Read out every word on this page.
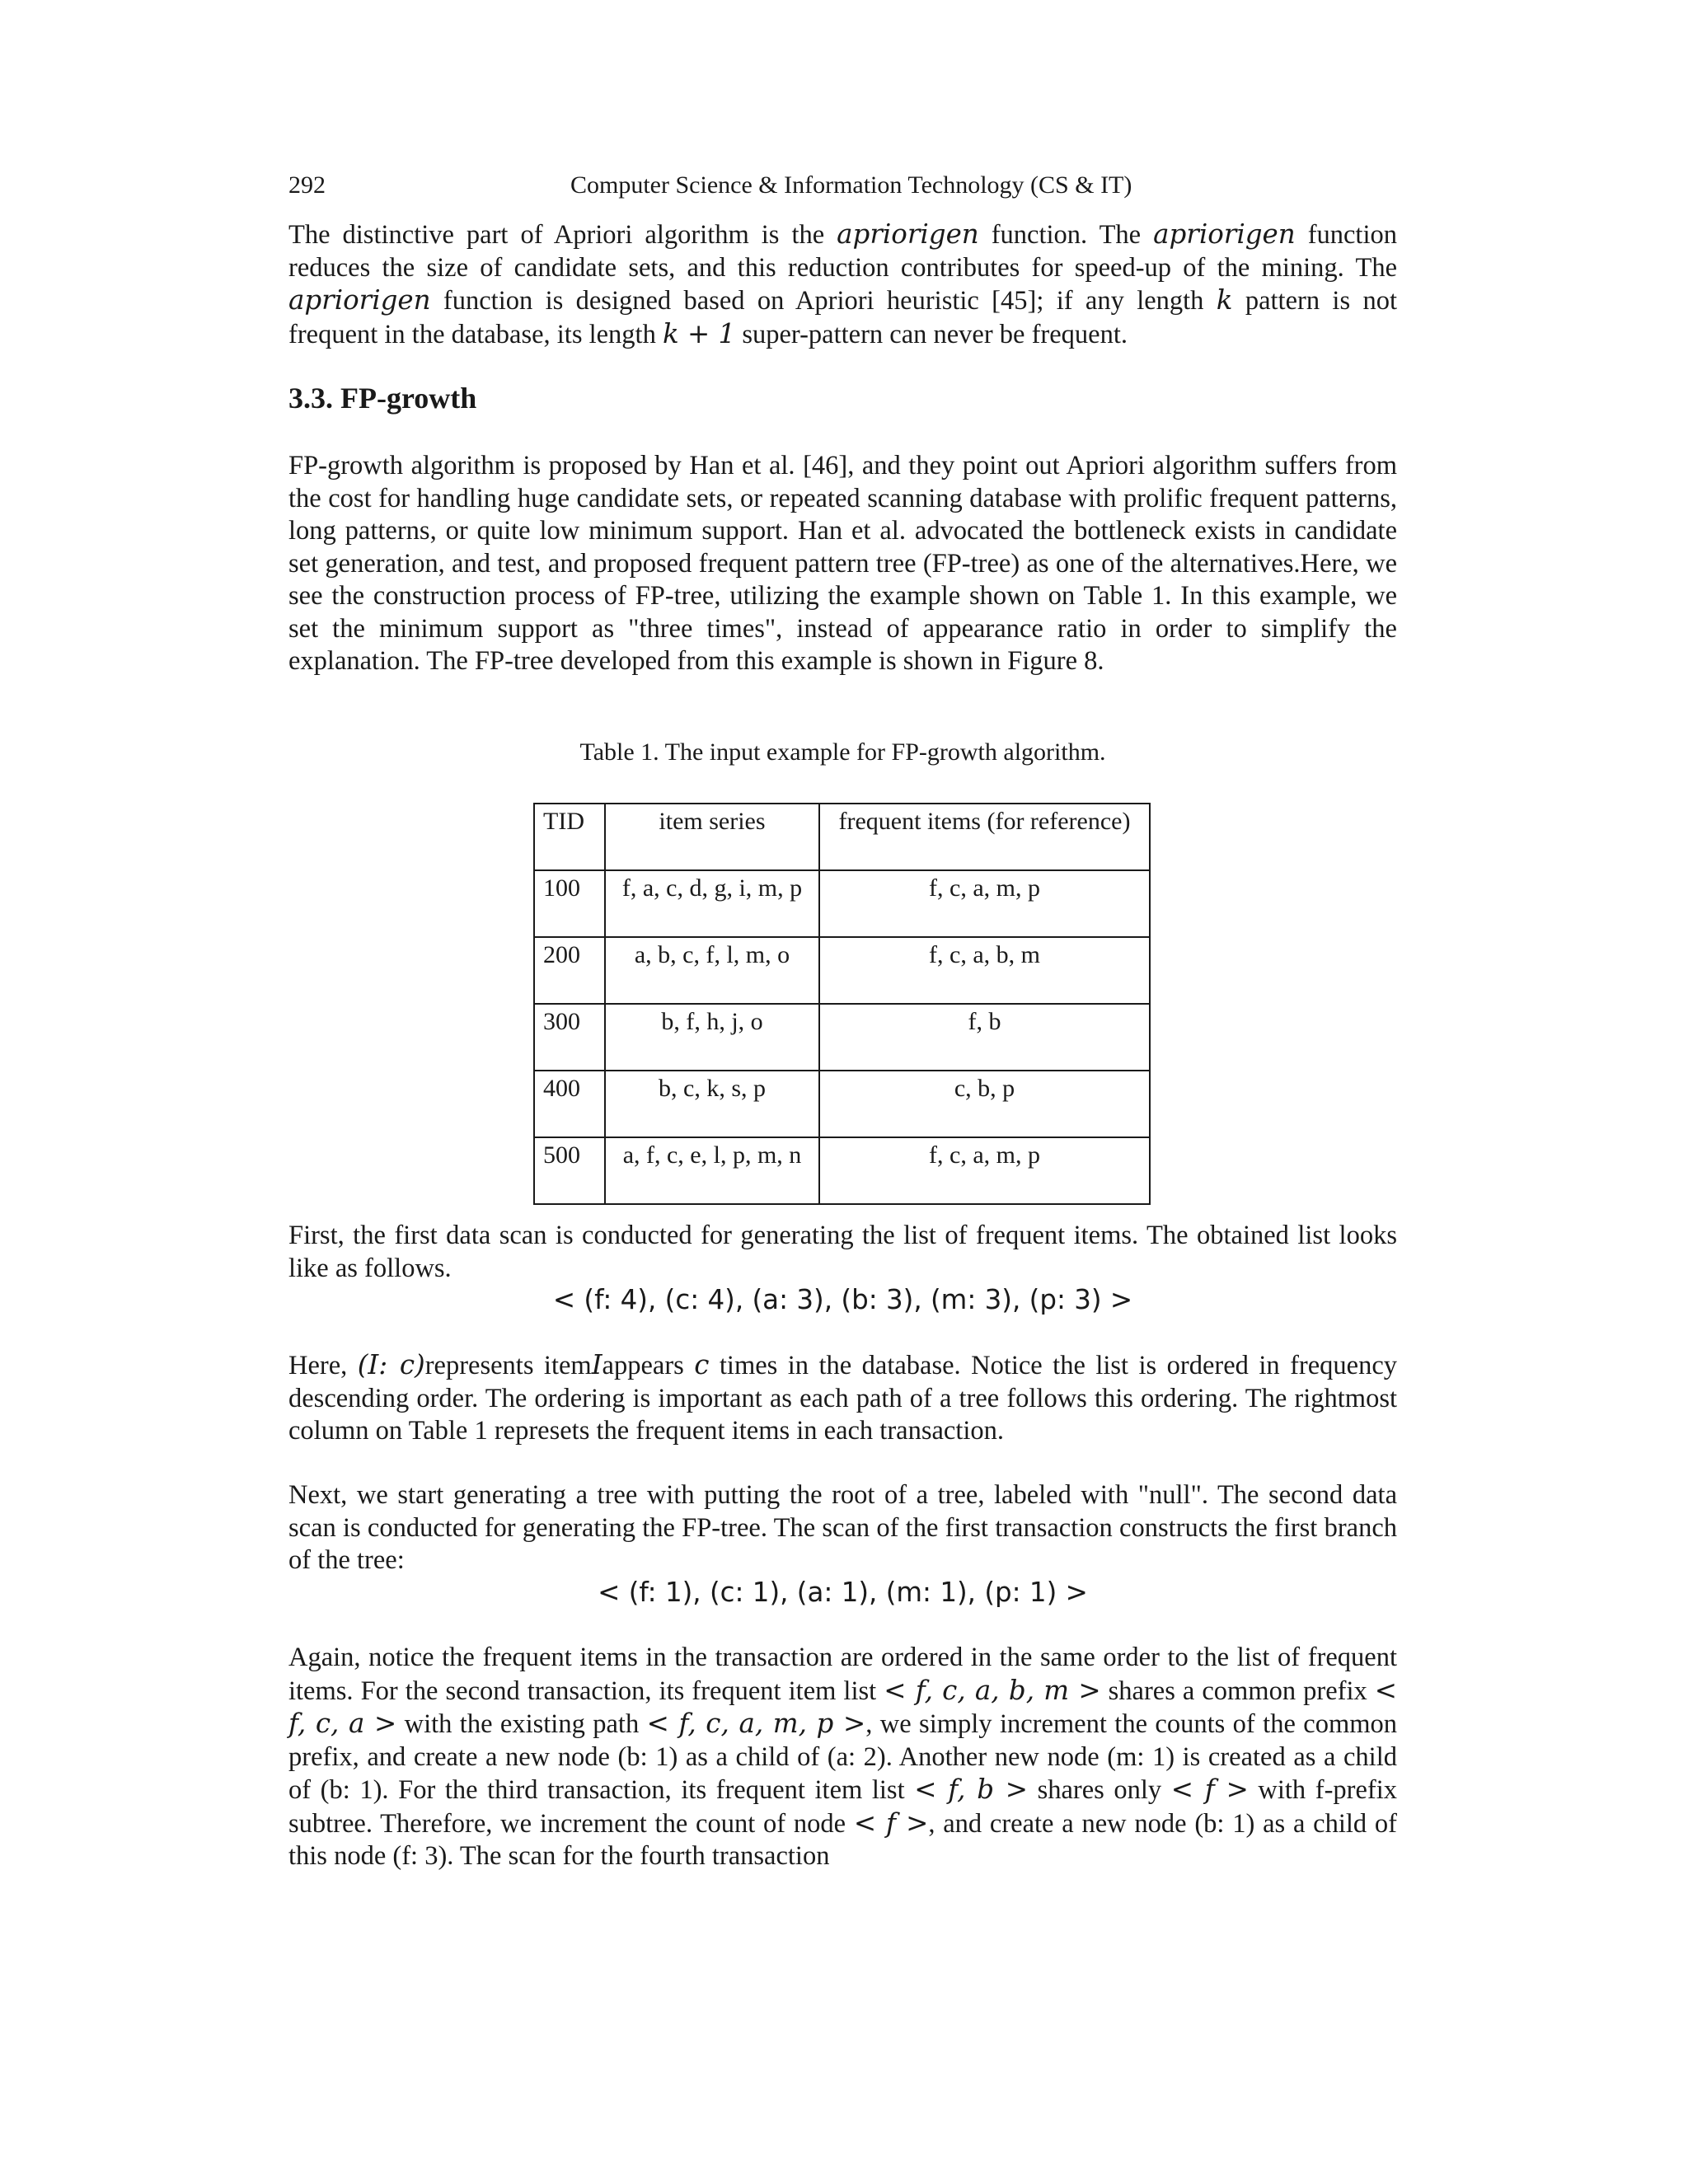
292	Computer Science & Information Technology (CS & IT)

The distinctive part of Apriori algorithm is the apriorigen function. The apriorigen function reduces the size of candidate sets, and this reduction contributes for speed-up of the mining. The apriorigen function is designed based on Apriori heuristic [45]; if any length k pattern is not frequent in the database, its length k + 1 super-pattern can never be frequent.

3.3. FP-growth

FP-growth algorithm is proposed by Han et al. [46], and they point out Apriori algorithm suffers from the cost for handling huge candidate sets, or repeated scanning database with prolific frequent patterns, long patterns, or quite low minimum support. Han et al. advocated the bottleneck exists in candidate set generation, and test, and proposed frequent pattern tree (FP-tree) as one of the alternatives.Here, we see the construction process of FP-tree, utilizing the example shown on Table 1. In this example, we set the minimum support as "three times", instead of appearance ratio in order to simplify the explanation. The FP-tree developed from this example is shown in Figure 8.

Table 1. The input example for FP-growth algorithm.
TID	item series	frequent items (for reference)
100	f, a, c, d, g, i, m, p	f, c, a, m, p
200	a, b, c, f, l, m, o	f, c, a, b, m
300	b, f, h, j, o	f, b
400	b, c, k, s, p	c, b, p
500	a, f, c, e, l, p, m, n	f, c, a, m, p

First, the first data scan is conducted for generating the list of frequent items. The obtained list looks like as follows.

< (f: 4), (c: 4), (a: 3), (b: 3), (m: 3), (p: 3) >

Here, (I: c)represents itemIappears c times in the database. Notice the list is ordered in frequency descending order. The ordering is important as each path of a tree follows this ordering. The rightmost column on Table 1 represets the frequent items in each transaction.

Next, we start generating a tree with putting the root of a tree, labeled with "null". The second data scan is conducted for generating the FP-tree. The scan of the first transaction constructs the first branch of the tree:

< (f: 1), (c: 1), (a: 1), (m: 1), (p: 1) >

Again, notice the frequent items in the transaction are ordered in the same order to the list of frequent items. For the second transaction, its frequent item list < f, c, a, b, m > shares a common prefix < f, c, a > with the existing path < f, c, a, m, p >, we simply increment the counts of the common prefix, and create a new node (b: 1) as a child of (a: 2). Another new node (m: 1) is created as a child of (b: 1). For the third transaction, its frequent item list < f, b > shares only < f > with f-prefix subtree. Therefore, we increment the count of node < f >, and create a new node (b: 1) as a child of this node (f: 3). The scan for the fourth transaction
